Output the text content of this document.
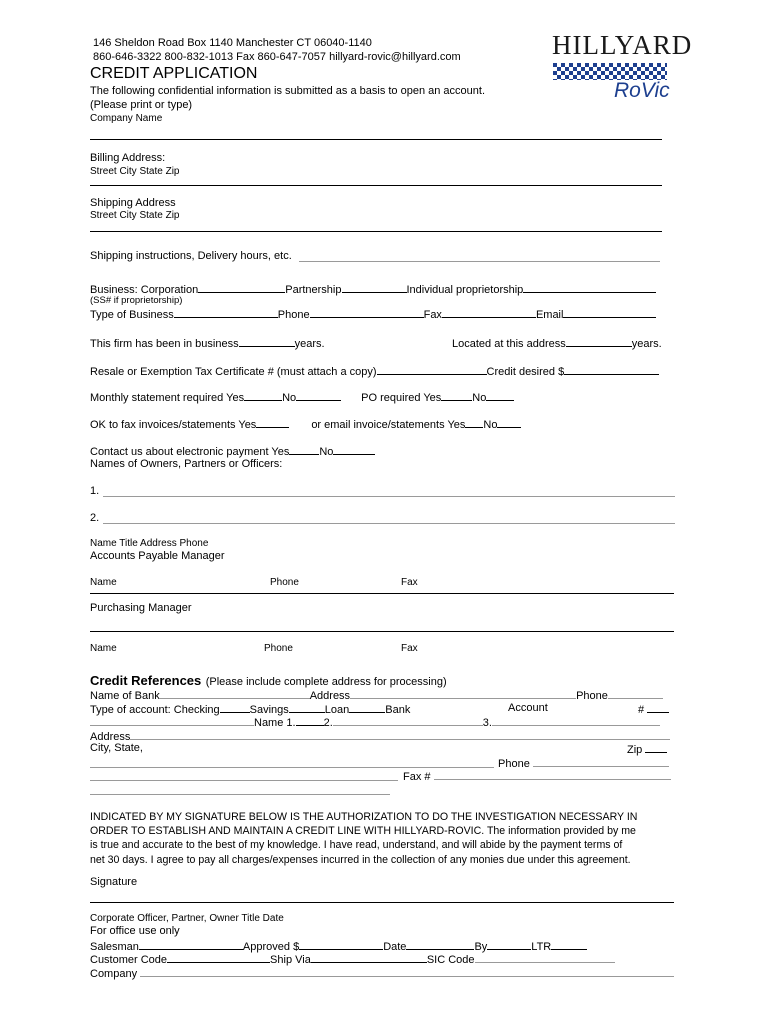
146 Sheldon Road Box 1140 Manchester CT 06040-1140
860-646-3322 800-832-1013 Fax 860-647-7057 hillyard-rovic@hillyard.com
CREDIT APPLICATION
The following confidential information is submitted as a basis to open an account.
(Please print or type)
Company Name
HILLYARD
RoVic
Billing Address:
Street City State Zip
Shipping Address
Street City State Zip
Shipping instructions, Delivery hours, etc.
Business: Corporation	Partnership	Individual proprietorship
(SS# if proprietorship)
Type of Business	Phone	Fax	Email
This firm has been in business	years.	Located at this address	years.
Resale or Exemption Tax Certificate # (must attach a copy)	Credit desired $
Monthly statement required Yes	No	PO required Yes	No
OK to fax invoices/statements Yes	or email invoice/statements Yes No
Contact us about electronic payment Yes	No
Names of Owners, Partners or Officers:
1.
2.
Name Title Address Phone
Accounts Payable Manager
Name	Phone	Fax
Purchasing Manager
Name	Phone	Fax
Credit References (Please include complete address for processing)
Name of Bank	Address	Phone
Type of account: Checking	Savings	Loan	Bank	Account	#
Name 1.	2.	3.
Address
City, State,	Zip
Phone
Fax #
INDICATED BY MY SIGNATURE BELOW IS THE AUTHORIZATION TO DO THE INVESTIGATION NECESSARY IN
ORDER TO ESTABLISH AND MAINTAIN A CREDIT LINE WITH HILLYARD-ROVIC. The information provided by me
is true and accurate to the best of my knowledge. I have read, understand, and will abide by the payment terms of
net 30 days. I agree to pay all charges/expenses incurred in the collection of any monies due under this agreement.
Signature
Corporate Officer, Partner, Owner Title Date
For office use only
Salesman	Approved $	Date	By	LTR
Customer Code	Ship Via	SIC Code
Company
